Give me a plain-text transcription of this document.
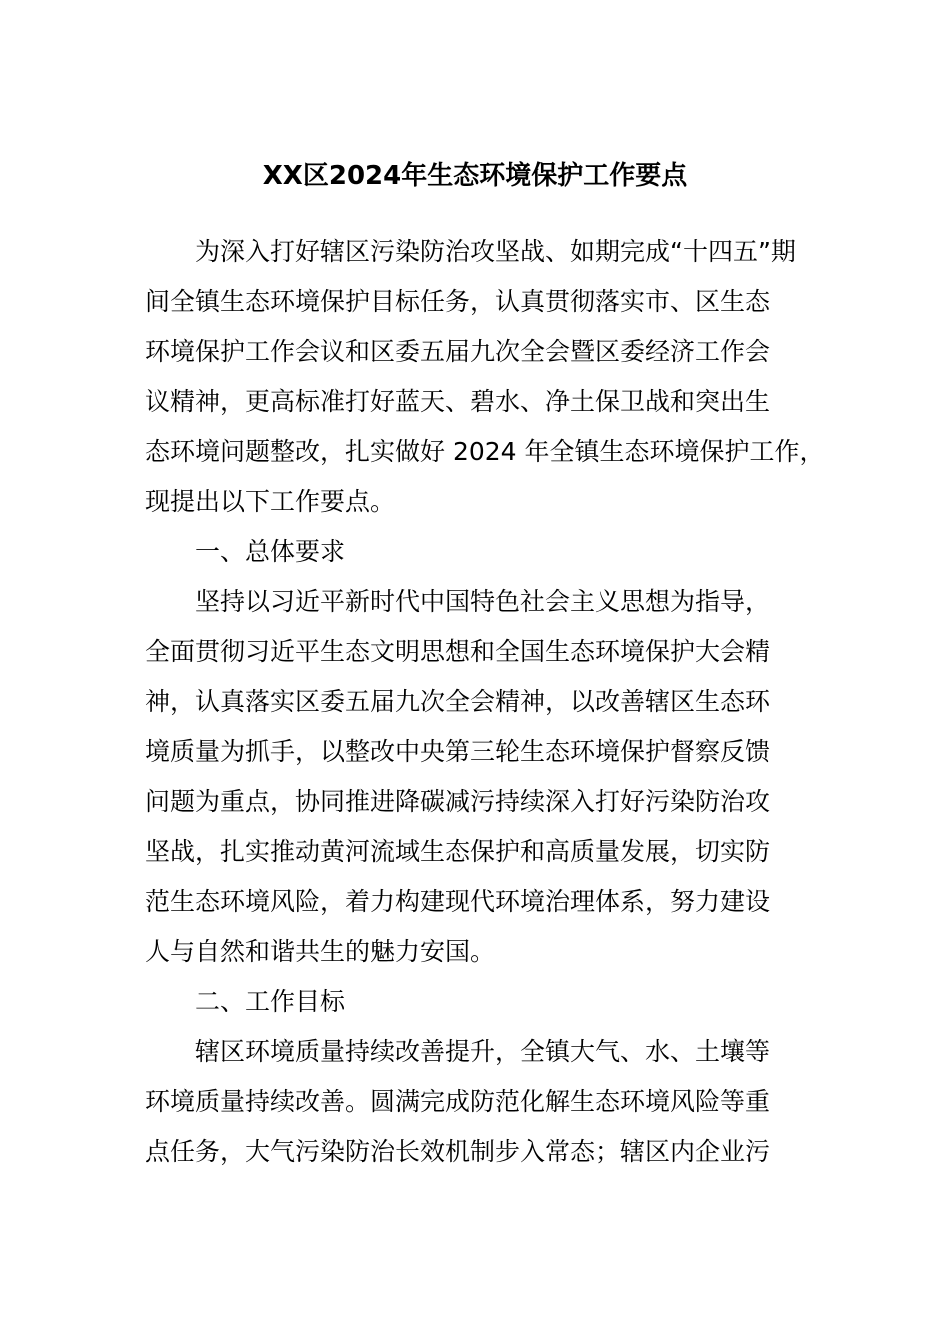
XX区2024年生态环境保护工作要点

为深入打好辖区污染防治攻坚战、如期完成“十四五”期

间全镇生态环境保护目标任务，认真贯彻落实市、区生态

环境保护工作会议和区委五届九次全会暨区委经济工作会

议精神，更高标准打好蓝天、碧水、净土保卫战和突出生

态环境问题整改，扎实做好 2024 年全镇生态环境保护工作，

现提出以下工作要点。

一、总体要求

坚持以习近平新时代中国特色社会主义思想为指导，

全面贯彻习近平生态文明思想和全国生态环境保护大会精

神，认真落实区委五届九次全会精神，以改善辖区生态环

境质量为抓手，以整改中央第三轮生态环境保护督察反馈

问题为重点，协同推进降碳减污持续深入打好污染防治攻

坚战，扎实推动黄河流域生态保护和高质量发展，切实防

范生态环境风险，着力构建现代环境治理体系，努力建设

人与自然和谐共生的魅力安国。

二、工作目标

辖区环境质量持续改善提升，全镇大气、水、土壤等

环境质量持续改善。圆满完成防范化解生态环境风险等重

点任务，大气污染防治长效机制步入常态；辖区内企业污
